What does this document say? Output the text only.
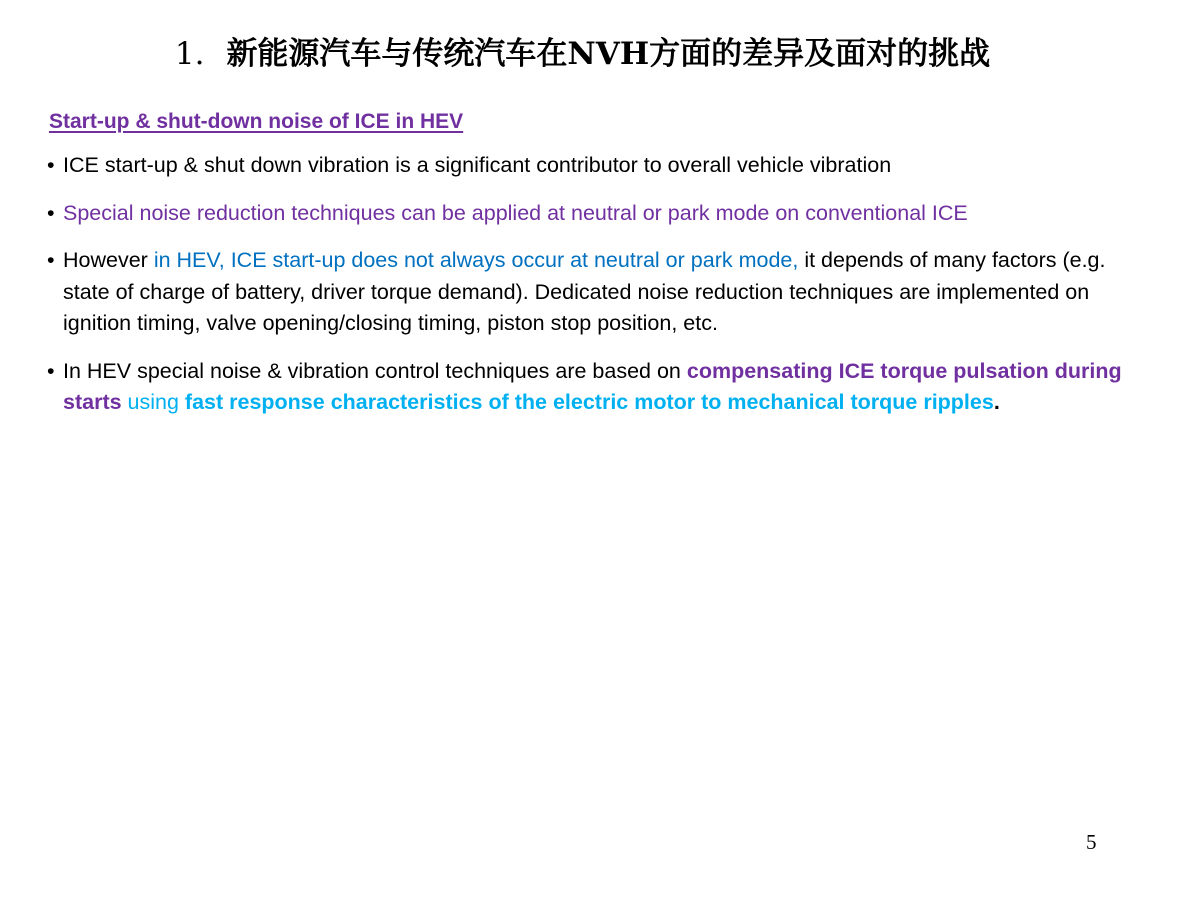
1. 新能源汽车与传统汽车在NVH方面的差异及面对的挑战
Start-up & shut-down noise of ICE in HEV
• ICE start-up & shut down vibration is a significant contributor to overall vehicle vibration
• Special noise reduction techniques can be applied at neutral or park mode on conventional ICE
• However in HEV, ICE start-up does not always occur at neutral or park mode, it depends of many factors (e.g. state of charge of battery, driver torque demand). Dedicated noise reduction techniques are implemented on ignition timing, valve opening/closing timing, piston stop position, etc.
• In HEV special noise & vibration control techniques are based on compensating ICE torque pulsation during starts using fast response characteristics of the electric motor to mechanical torque ripples.
5
